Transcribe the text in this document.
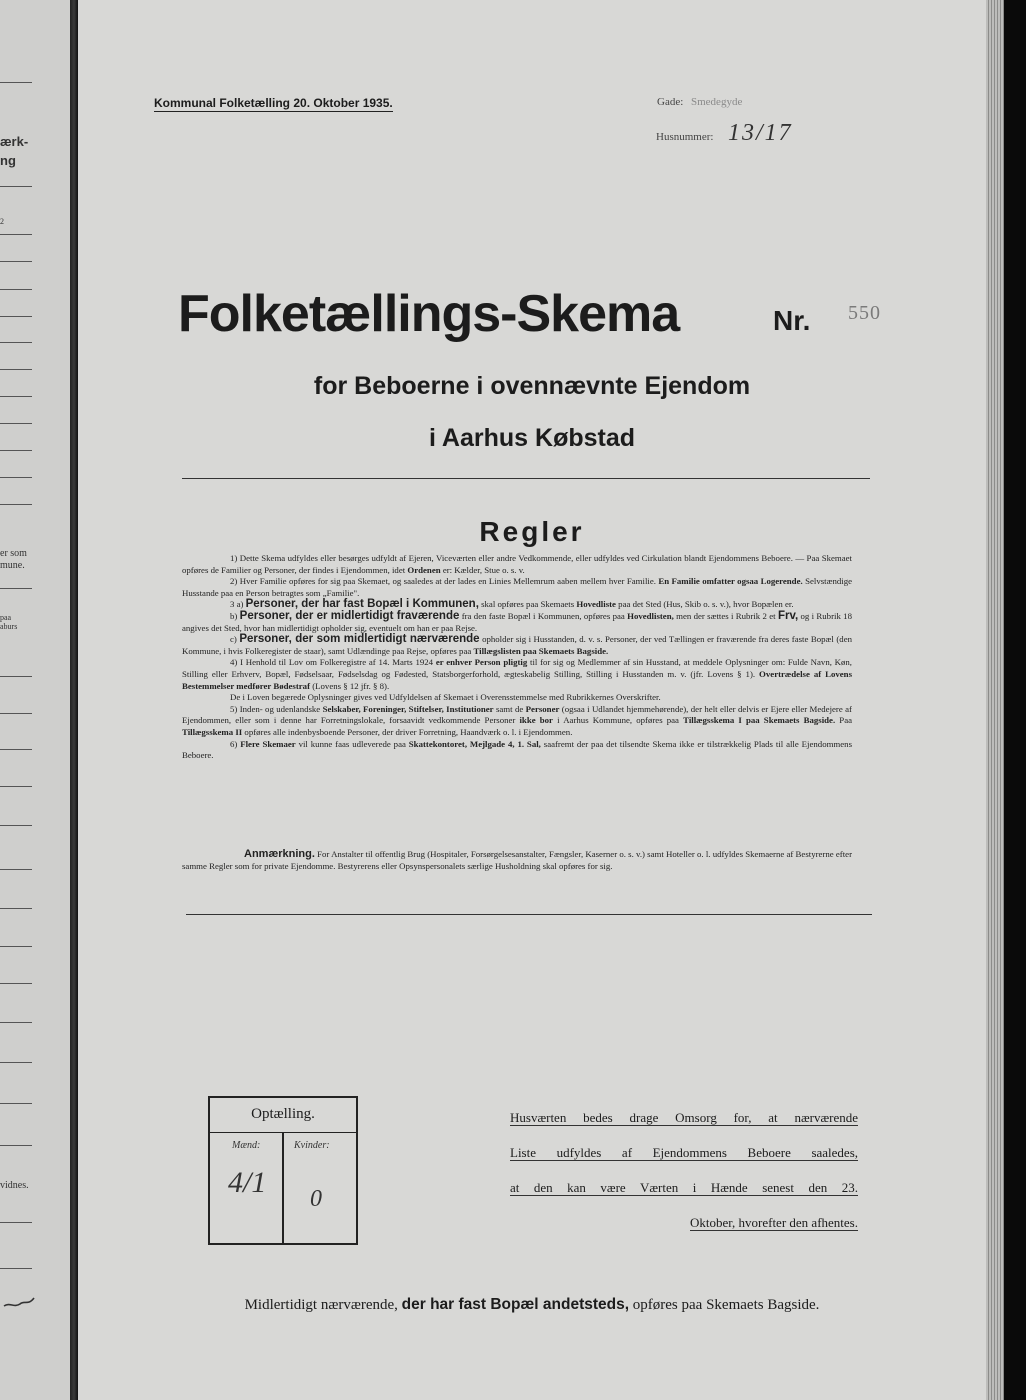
ærk-
ng
2
er som
mune.
paa
aburs
vidnes.
Kommunal Folketælling 20. Oktober 1935.	Gade: Smedegyde
Husnummer: 13/17
Folketællings-Skema	Nr. 550
for Beboerne i ovennævnte Ejendom
i Aarhus Købstad
Regler

1) Dette Skema udfyldes eller besørges udfyldt af Ejeren, Viceværten eller andre Vedkommende, eller udfyldes ved Cirkulation blandt Ejendommens Beboere. — Paa Skemaet opføres de Familier og Personer, der findes i Ejendommen, idet Ordenen er: Kælder, Stue o. s. v.

2) Hver Familie opføres for sig paa Skemaet, og saaledes at der lades en Linies Mellemrum aaben mellem hver Familie. En Familie omfatter ogsaa Logerende. Selvstændige Husstande paa en Person betragtes som „Familie".

3 a) Personer, der har fast Bopæl i Kommunen, skal opføres paa Skemaets Hovedliste paa det Sted (Hus, Skib o. s. v.), hvor Bopælen er.

b) Personer, der er midlertidigt fraværende fra den faste Bopæl i Kommunen, opføres paa Hovedlisten, men der sættes i Rubrik 2 et Frv, og i Rubrik 18 angives det Sted, hvor han midlertidigt opholder sig, eventuelt om han er paa Rejse.

c) Personer, der som midlertidigt nærværende opholder sig i Husstanden, d. v. s. Personer, der ved Tællingen er fraværende fra deres faste Bopæl (den Kommune, i hvis Folkeregister de staar), samt Udlændinge paa Rejse, opføres paa Tillægslisten paa Skemaets Bagside.

4) I Henhold til Lov om Folkeregistre af 14. Marts 1924 er enhver Person pligtig til for sig og Medlemmer af sin Husstand, at meddele Oplysninger om: Fulde Navn, Køn, Stilling eller Erhverv, Bopæl, Fødselsaar, Fødselsdag og Fødested, Statsborgerforhold, ægteskabelig Stilling, Stilling i Husstanden m. v. (jfr. Lovens § 1). Overtrædelse af Lovens Bestemmelser medfører Bødestraf (Lovens § 12 jfr. § 8).

De i Loven begærede Oplysninger gives ved Udfyldelsen af Skemaet i Overensstemmelse med Rubrikkernes Overskrifter.

5) Inden- og udenlandske Selskaber, Foreninger, Stiftelser, Institutioner samt de Personer (ogsaa i Udlandet hjemmehørende), der helt eller delvis er Ejere eller Medejere af Ejendommen, eller som i denne har Forretningslokale, forsaavidt vedkommende Personer ikke bor i Aarhus Kommune, opføres paa Tillægsskema I paa Skemaets Bagside. Paa Tillægsskema II opføres alle indenbysboende Personer, der driver Forretning, Haandværk o. l. i Ejendommen.

6) Flere Skemaer vil kunne faas udleverede paa Skattekontoret, Mejlgade 4, 1. Sal, saafremt der paa det tilsendte Skema ikke er tilstrækkelig Plads til alle Ejendommens Beboere.

Anmærkning. For Anstalter til offentlig Brug (Hospitaler, Forsørgelsesanstalter, Fængsler, Kaserner o. s. v.) samt Hoteller o. l. udfyldes Skemaerne af Bestyrerne efter samme Regler som for private Ejendomme. Bestyrerens eller Opsynspersonalets særlige Husholdning skal opføres for sig.

Optælling.
Mænd:	Kvinder:
4/1 0
Husværten bedes drage Omsorg for, at nærværende
Liste udfyldes af Ejendommens Beboere saaledes,
at den kan være Værten i Hænde senest den 23.
Oktober, hvorefter den afhentes.
Midlertidigt nærværende, der har fast Bopæl andetsteds, opføres paa Skemaets Bagside.
